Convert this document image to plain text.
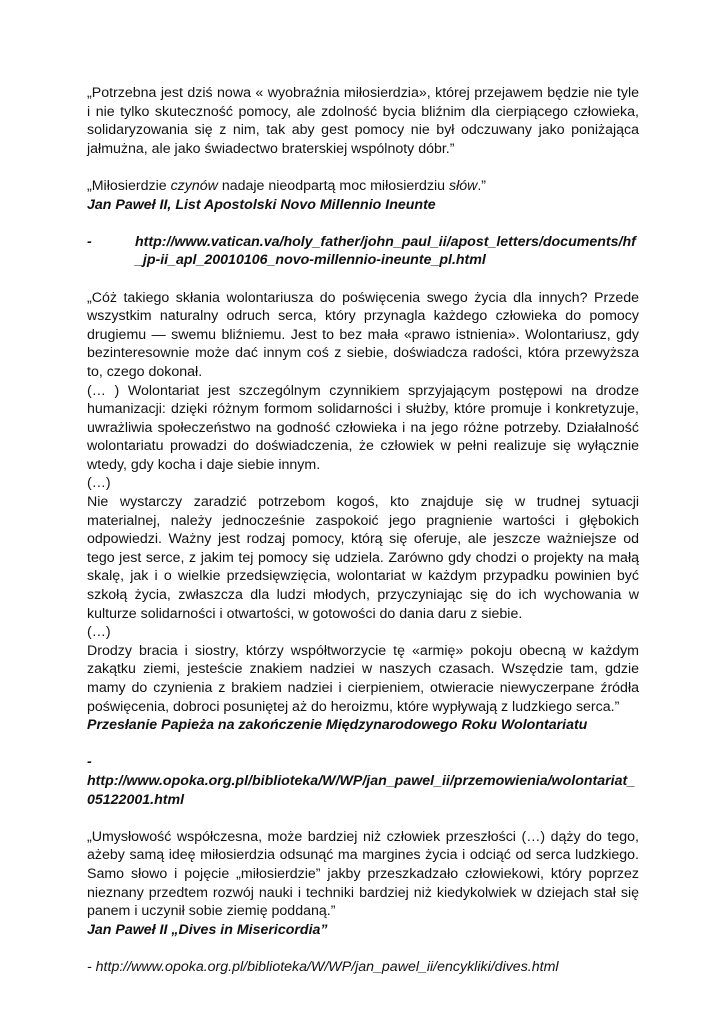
„Potrzebna jest dziś nowa « wyobraźnia miłosierdzia», której przejawem będzie nie tyle i nie tylko skuteczność pomocy, ale zdolność bycia bliźnim dla cierpiącego człowieka, solidaryzowania się z nim, tak aby gest pomocy nie był odczuwany jako poniżająca jałmużna, ale jako świadectwo braterskiej wspólnoty dóbr.”

„Miłosierdzie czynów nadaje nieodpartą moc miłosierdziu słów.”

Jan Paweł II, List Apostolski Novo Millennio Ineunte

-	http://www.vatican.va/holy_father/john_paul_ii/apost_letters/documents/hf_jp-ii_apl_20010106_novo-millennio-ineunte_pl.html

„Cóż takiego skłania wolontariusza do poświęcenia swego życia dla innych? Przede wszystkim naturalny odruch serca, który przynagla każdego człowieka do pomocy drugiemu — swemu bliźniemu. Jest to bez mała «prawo istnienia». Wolontariusz, gdy bezinteresownie może dać innym coś z siebie, doświadcza radości, która przewyższa to, czego dokonał.

(… ) Wolontariat jest szczególnym czynnikiem sprzyjającym postępowi na drodze humanizacji: dzięki różnym formom solidarności i służby, które promuje i konkretyzuje, uwrażliwia społeczeństwo na godność człowieka i na jego różne potrzeby. Działalność wolontariatu prowadzi do doświadczenia, że człowiek w pełni realizuje się wyłącznie wtedy, gdy kocha i daje siebie innym.

(…)

Nie wystarczy zaradzić potrzebom kogoś, kto znajduje się w trudnej sytuacji materialnej, należy jednocześnie zaspokoić jego pragnienie wartości i głębokich odpowiedzi. Ważny jest rodzaj pomocy, którą się oferuje, ale jeszcze ważniejsze od tego jest serce, z jakim tej pomocy się udziela. Zarówno gdy chodzi o projekty na małą skalę, jak i o wielkie przedsięwzięcia, wolontariat w każdym przypadku powinien być szkołą życia, zwłaszcza dla ludzi młodych, przyczyniając się do ich wychowania w kulturze solidarności i otwartości, w gotowości do dania daru z siebie.

(…)

Drodzy bracia i siostry, którzy współtworzycie tę «armię» pokoju obecną w każdym zakątku ziemi, jesteście znakiem nadziei w naszych czasach. Wszędzie tam, gdzie mamy do czynienia z brakiem nadziei i cierpieniem, otwieracie niewyczerpane źródła poświęcenia, dobroci posuniętej aż do heroizmu, które wypływają z ludzkiego serca.”

Przesłanie Papieża na zakończenie Międzynarodowego Roku Wolontariatu

-

http://www.opoka.org.pl/biblioteka/W/WP/jan_pawel_ii/przemowienia/wolontariat_05122001.html

„Umysłowość współczesna, może bardziej niż człowiek przeszłości (…) dąży do tego, ażeby samą ideę miłosierdzia odsunąć ma margines życia i odciąć od serca ludzkiego. Samo słowo i pojęcie „miłosierdzie” jakby przeszkadzało człowiekowi, który poprzez nieznany przedtem rozwój nauki i techniki bardziej niż kiedykolwiek w dziejach stał się panem i uczynił sobie ziemię poddaną.”

Jan Paweł II „Dives in Misericordia”

- http://www.opoka.org.pl/biblioteka/W/WP/jan_pawel_ii/encykliki/dives.html
